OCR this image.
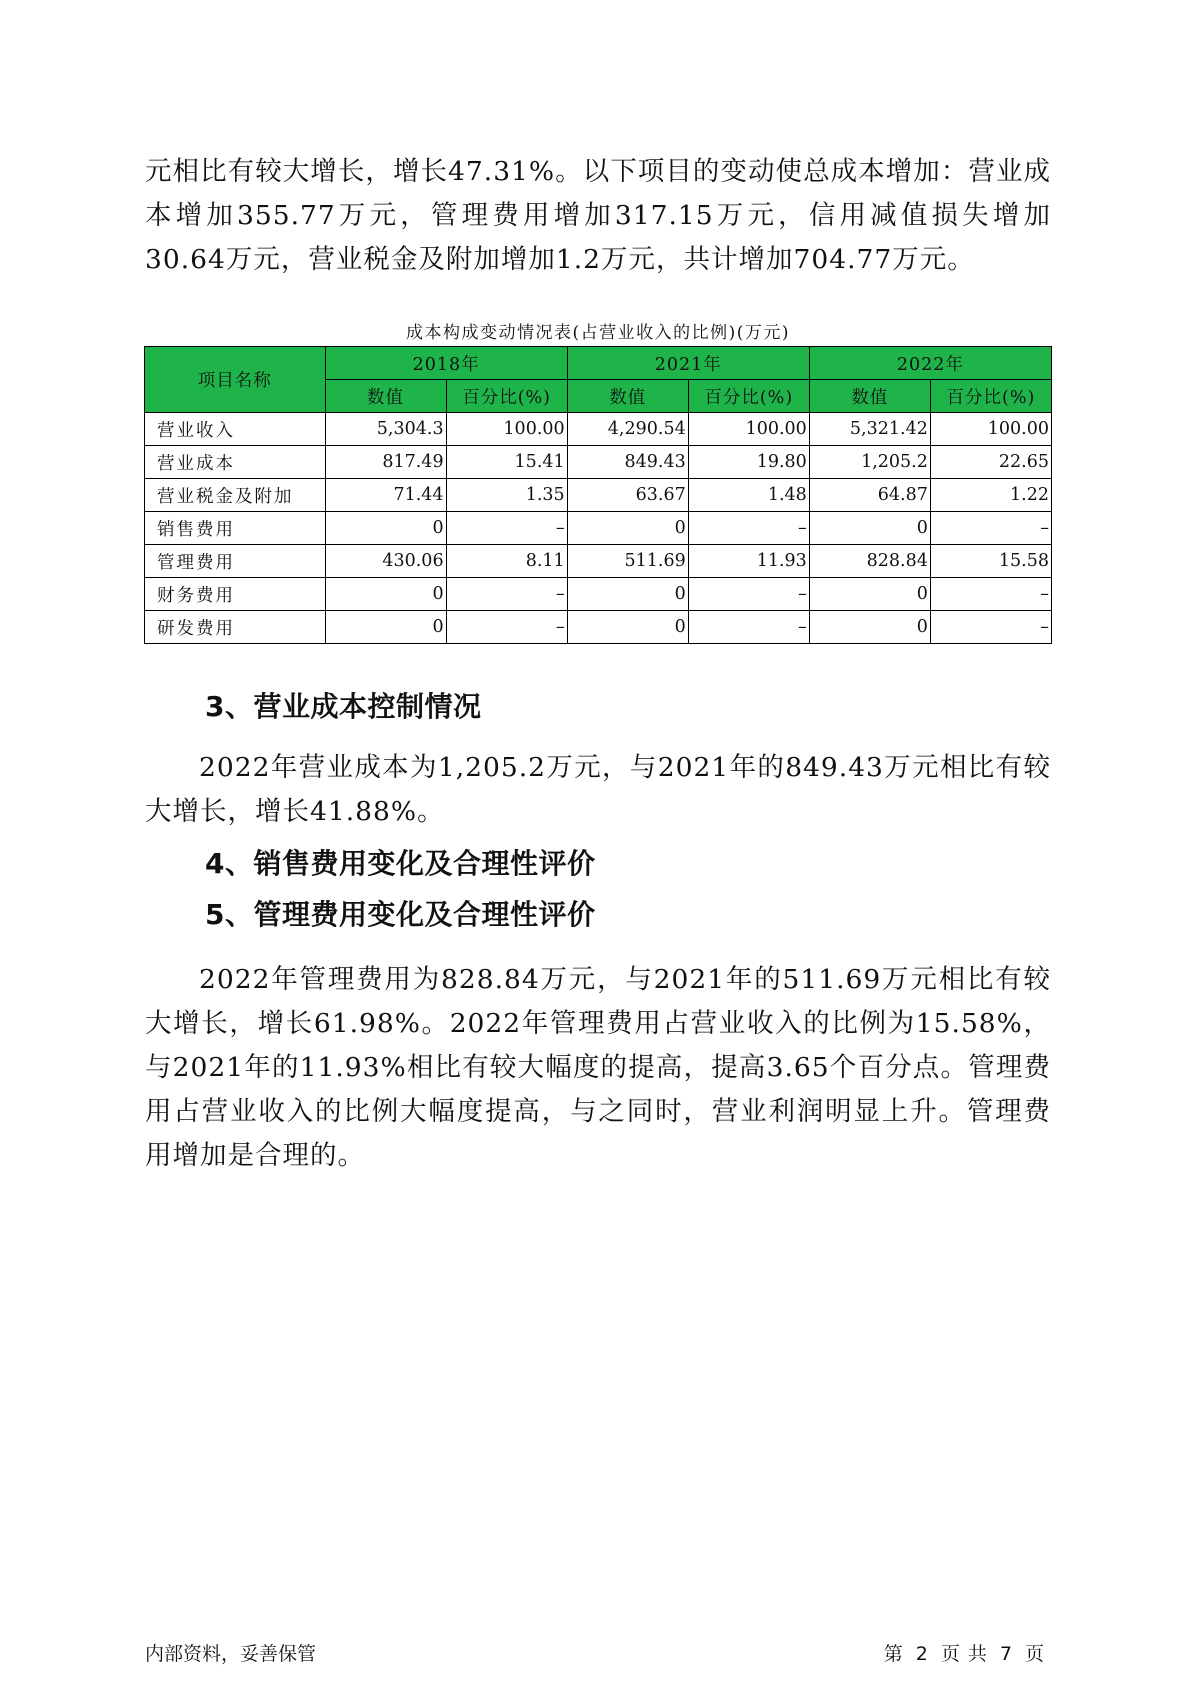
元相比有较大增长，增长47.31%。以下项目的变动使总成本增加：营业成本增加355.77万元，管理费用增加317.15万元，信用减值损失增加30.64万元，营业税金及附加增加1.2万元，共计增加704.77万元。

成本构成变动情况表(占营业收入的比例)(万元)
项目名称	2018年		2021年		2022年	
	数值	百分比(%)	数值	百分比(%)	数值	百分比(%)
营业收入	5,304.3	100.00	4,290.54	100.00	5,321.42	100.00
营业成本	817.49	15.41	849.43	19.80	1,205.2	22.65
营业税金及附加	71.44	1.35	63.67	1.48	64.87	1.22
销售费用	0	–	0	–	0	–
管理费用	430.06	8.11	511.69	11.93	828.84	15.58
财务费用	0	–	0	–	0	–
研发费用	0	–	0	–	0	–
3、营业成本控制情况

2022年营业成本为1,205.2万元，与2021年的849.43万元相比有较大增长，增长41.88%。

4、销售费用变化及合理性评价
5、管理费用变化及合理性评价

2022年管理费用为828.84万元，与2021年的511.69万元相比有较大增长，增长61.98%。2022年管理费用占营业收入的比例为15.58%，与2021年的11.93%相比有较大幅度的提高，提高3.65个百分点。管理费用占营业收入的比例大幅度提高，与之同时，营业利润明显上升。管理费用增加是合理的。

内部资料，妥善保管	第 2 页 共 7 页
